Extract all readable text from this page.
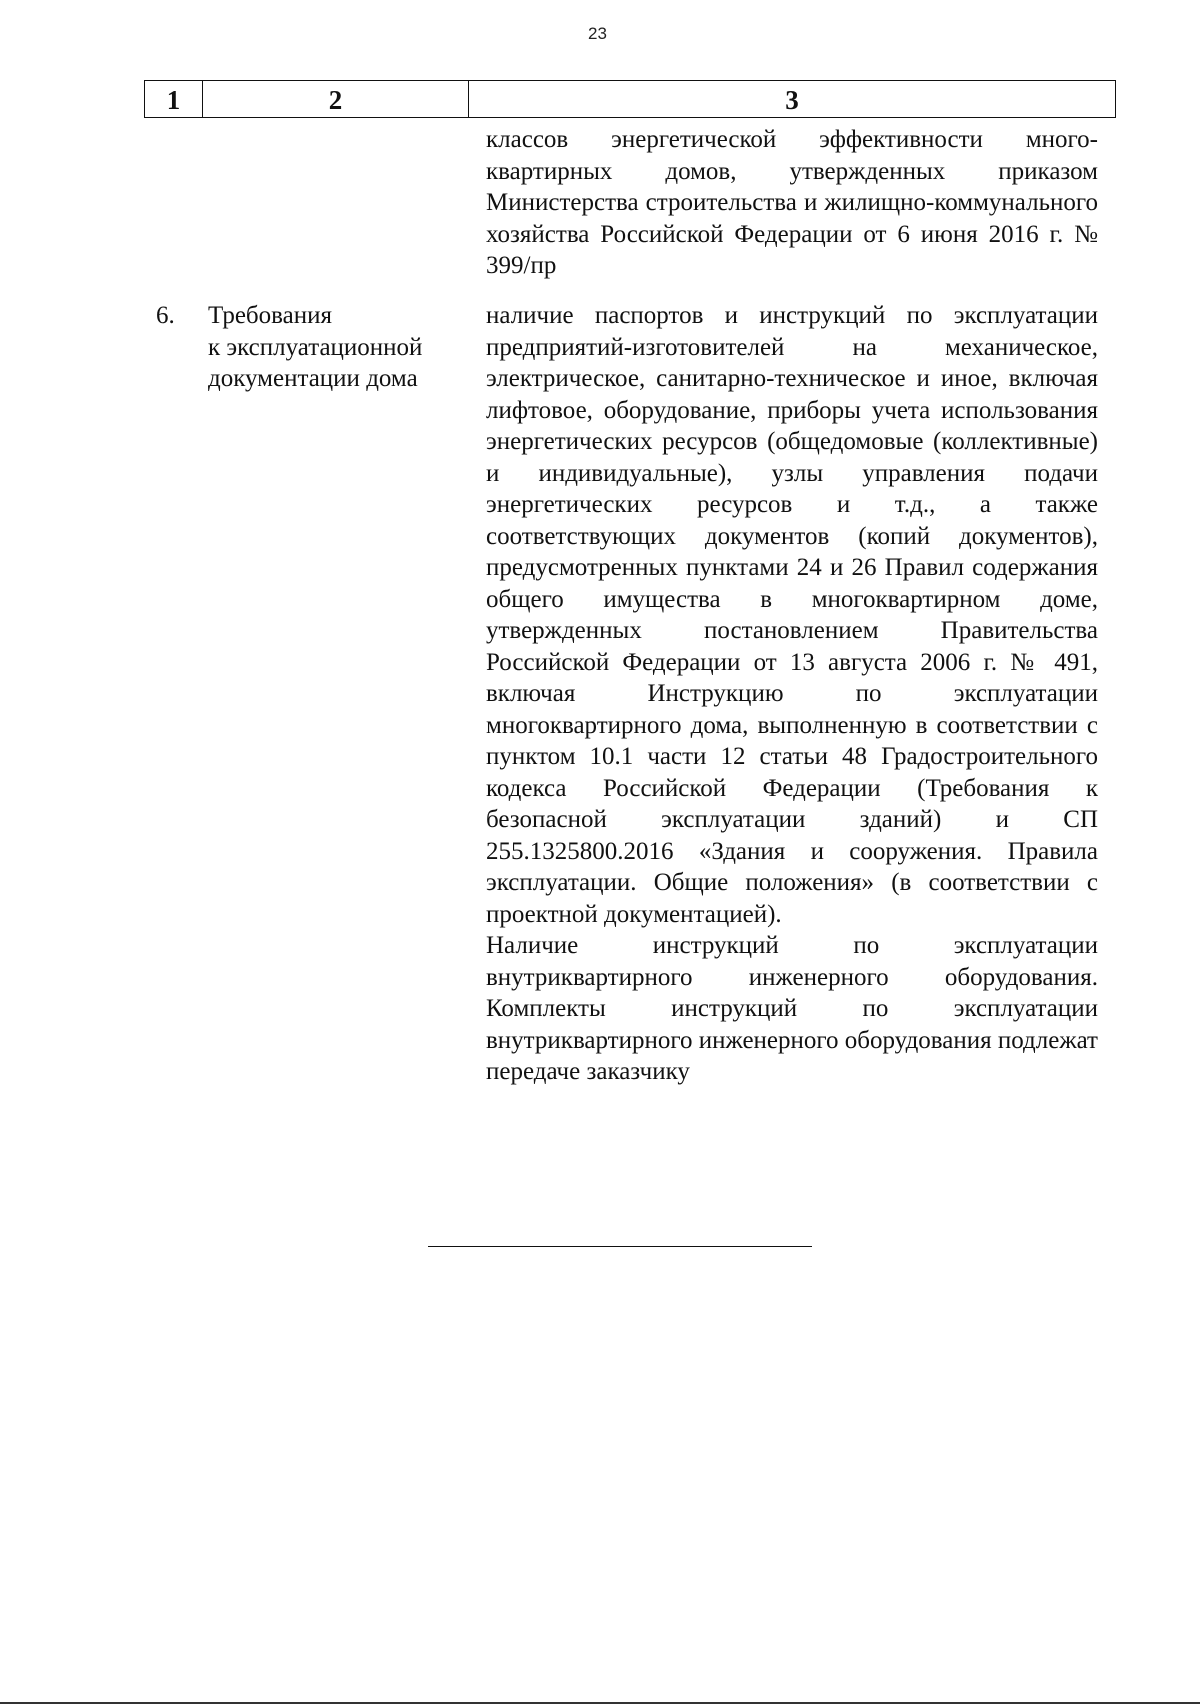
23
1	2	3
классов энергетической эффективности многоквартирных домов, утвержденных приказом Министерства строительства и жилищно-коммунального хозяйства Российской Федерации от 6 июня 2016 г. № 399/пр
6. Требования
к эксплуатационной
документации дома

наличие паспортов и инструкций по эксплуатации предприятий-изготовителей на механическое, электрическое, санитарно-техническое и иное, включая лифтовое, оборудование, приборы учета использования энергетических ресурсов (общедомовые (коллективные) и индивидуальные), узлы управления подачи энергетических ресурсов и т.д., а также соответствующих документов (копий документов), предусмотренных пунктами 24 и 26 Правил содержания общего имущества в многоквартирном доме, утвержденных постановлением Правительства Российской Федерации от 13 августа 2006 г. № 491, включая Инструкцию по эксплуатации многоквартирного дома, выполненную в соответствии с пунктом 10.1 части 12 статьи 48 Градостроительного кодекса Российской Федерации (Требования к безопасной эксплуатации зданий) и СП 255.1325800.2016 «Здания и сооружения. Правила эксплуатации. Общие положения» (в соответствии с проектной документацией).

Наличие инструкций по эксплуатации внутриквартирного инженерного оборудования. Комплекты инструкций по эксплуатации внутриквартирного инженерного оборудования подлежат передаче заказчику
